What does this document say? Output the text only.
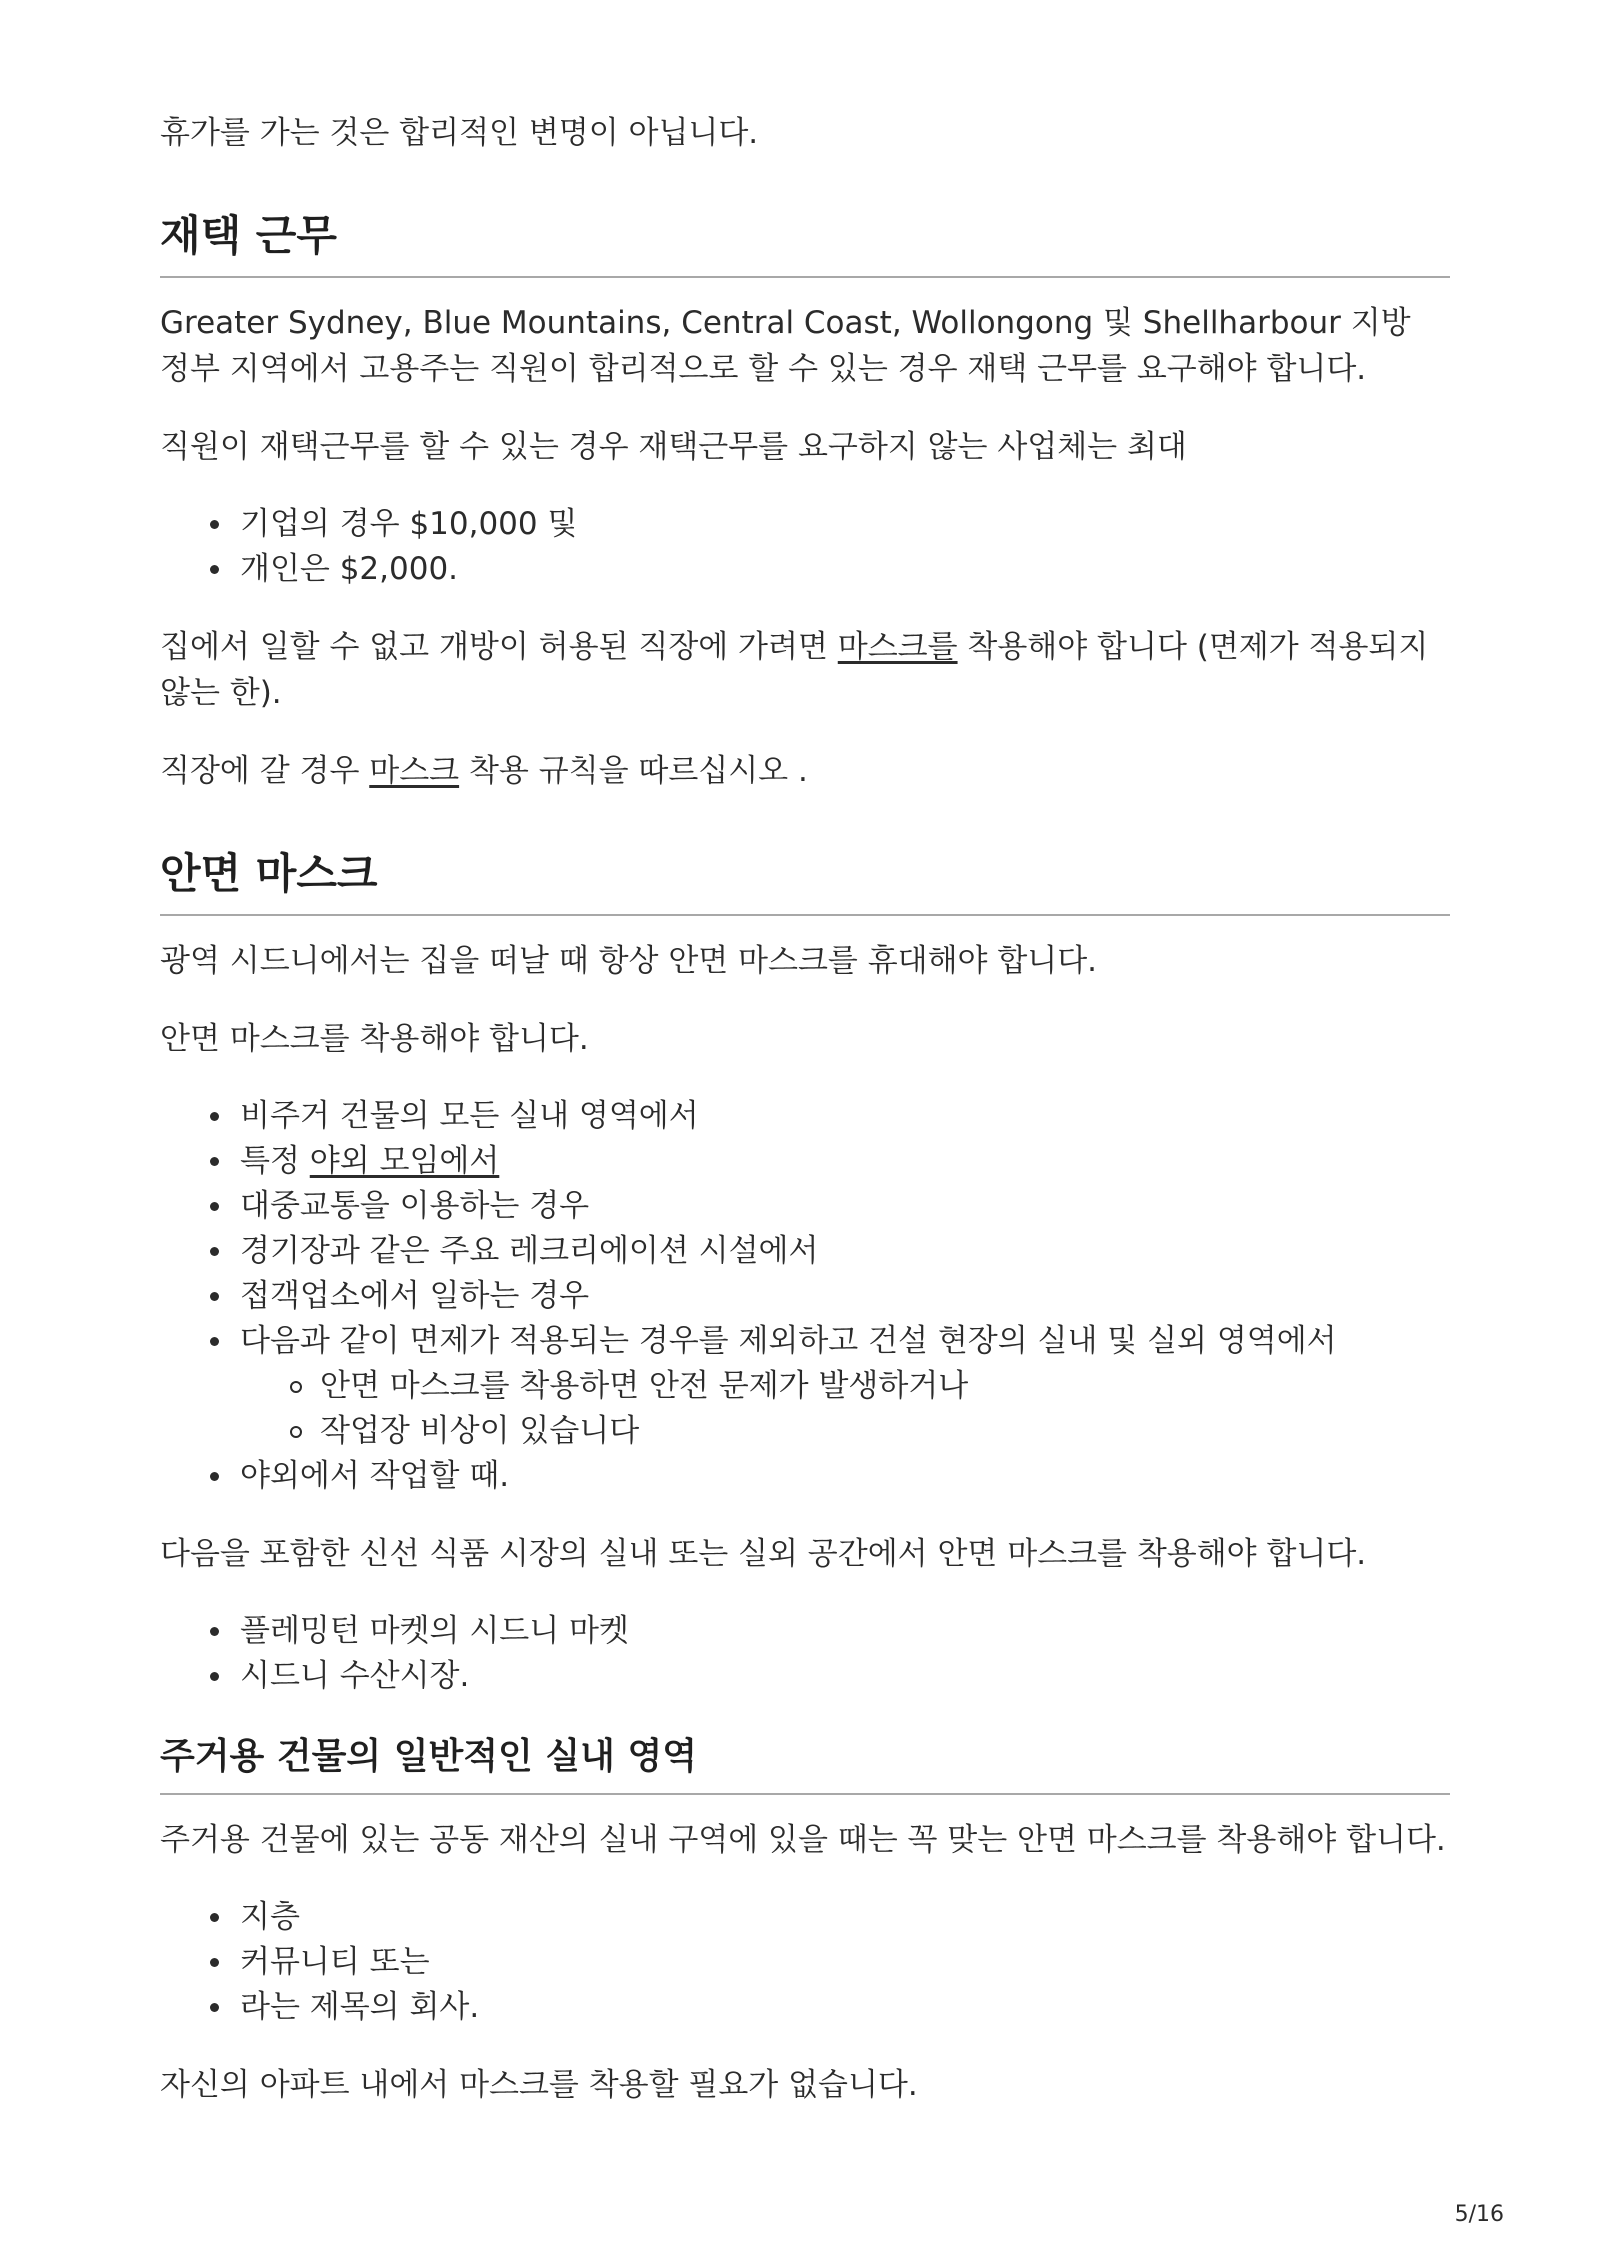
휴가를 가는 것은 합리적인 변명이 아닙니다.

재택 근무

Greater Sydney, Blue Mountains, Central Coast, Wollongong 및 Shellharbour 지방 정부 지역에서 고용주는 직원이 합리적으로 할 수 있는 경우 재택 근무를 요구해야 합니다.

직원이 재택근무를 할 수 있는 경우 재택근무를 요구하지 않는 사업체는 최대

기업의 경우 $10,000 및
개인은 $2,000.

집에서 일할 수 없고 개방이 허용된 직장에 가려면 마스크를 착용해야 합니다 (면제가 적용되지 않는 한).

직장에 갈 경우 마스크 착용 규칙을 따르십시오 .

안면 마스크

광역 시드니에서는 집을 떠날 때 항상 안면 마스크를 휴대해야 합니다.

안면 마스크를 착용해야 합니다.

비주거 건물의 모든 실내 영역에서
특정 야외 모임에서
대중교통을 이용하는 경우
경기장과 같은 주요 레크리에이션 시설에서
접객업소에서 일하는 경우
다음과 같이 면제가 적용되는 경우를 제외하고 건설 현장의 실내 및 실외 영역에서
안면 마스크를 착용하면 안전 문제가 발생하거나
작업장 비상이 있습니다
야외에서 작업할 때.

다음을 포함한 신선 식품 시장의 실내 또는 실외 공간에서 안면 마스크를 착용해야 합니다.

플레밍턴 마켓의 시드니 마켓
시드니 수산시장.
주거용 건물의 일반적인 실내 영역

주거용 건물에 있는 공동 재산의 실내 구역에 있을 때는 꼭 맞는 안면 마스크를 착용해야 합니다.

지층
커뮤니티 또는
라는 제목의 회사.

자신의 아파트 내에서 마스크를 착용할 필요가 없습니다.

5/16
